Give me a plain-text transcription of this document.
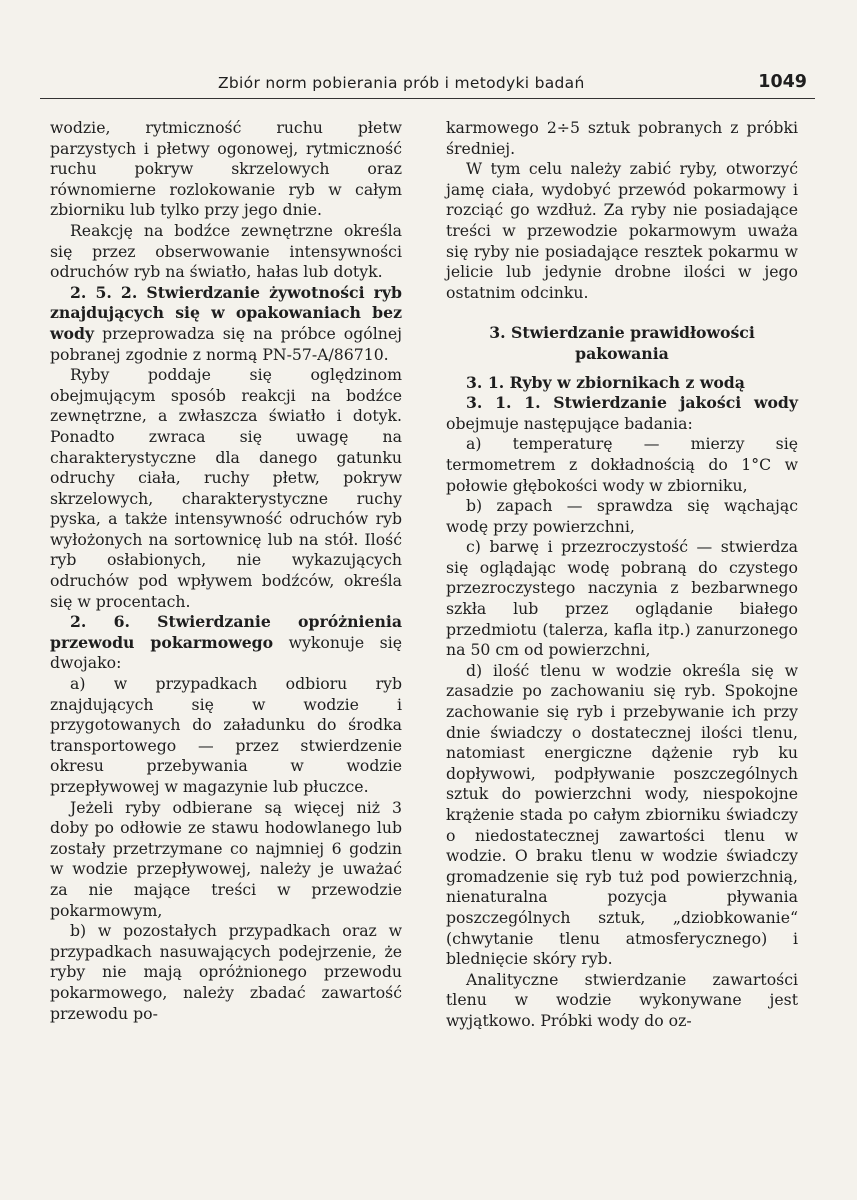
Zbiór norm pobierania prób i metodyki badań	1049

wodzie, rytmiczność ruchu płetw parzystych i płetwy ogonowej, rytmiczność ruchu pokryw skrzelowych oraz równomierne rozlokowanie ryb w całym zbiorniku lub tylko przy jego dnie.

Reakcję na bodźce zewnętrzne określa się przez obserwowanie intensywności odruchów ryb na światło, hałas lub dotyk.

2. 5. 2. Stwierdzanie żywotności ryb znajdujących się w opakowaniach bez wody przeprowadza się na próbce ogólnej pobranej zgodnie z normą PN-57-A/86710.

Ryby poddaje się oględzinom obejmującym sposób reakcji na bodźce zewnętrzne, a zwłaszcza światło i dotyk. Ponadto zwraca się uwagę na charakterystyczne dla danego gatunku odruchy ciała, ruchy płetw, pokryw skrzelowych, charakterystyczne ruchy pyska, a także intensywność odruchów ryb wyłożonych na sortownicę lub na stół. Ilość ryb osłabionych, nie wykazujących odruchów pod wpływem bodźców, określa się w procentach.

2. 6. Stwierdzanie opróżnienia przewodu pokarmowego wykonuje się dwojako:

a) w przypadkach odbioru ryb znajdujących się w wodzie i przygotowanych do załadunku do środka transportowego — przez stwierdzenie okresu przebywania w wodzie przepływowej w magazynie lub płuczce.

Jeżeli ryby odbierane są więcej niż 3 doby po odłowie ze stawu hodowlanego lub zostały przetrzymane co najmniej 6 godzin w wodzie przepływowej, należy je uważać za nie mające treści w przewodzie pokarmowym,

b) w pozostałych przypadkach oraz w przypadkach nasuwających podejrzenie, że ryby nie mają opróżnionego przewodu pokarmowego, należy zbadać zawartość przewodu po-

karmowego 2÷5 sztuk pobranych z próbki średniej.

W tym celu należy zabić ryby, otworzyć jamę ciała, wydobyć przewód pokarmowy i rozciąć go wzdłuż. Za ryby nie posiadające treści w przewodzie pokarmowym uważa się ryby nie posiadające resztek pokarmu w jelicie lub jedynie drobne ilości w jego ostatnim odcinku.

3. Stwierdzanie prawidłowości pakowania

3. 1. Ryby w zbiornikach z wodą

3. 1. 1. Stwierdzanie jakości wody obejmuje następujące badania:

a) temperaturę — mierzy się termometrem z dokładnością do 1°C w połowie głębokości wody w zbiorniku,

b) zapach — sprawdza się wąchając wodę przy powierzchni,

c) barwę i przezroczystość — stwierdza się oglądając wodę pobraną do czystego przezroczystego naczynia z bezbarwnego szkła lub przez oglądanie białego przedmiotu (talerza, kafla itp.) zanurzonego na 50 cm od powierzchni,

d) ilość tlenu w wodzie określa się w zasadzie po zachowaniu się ryb. Spokojne zachowanie się ryb i przebywanie ich przy dnie świadczy o dostatecznej ilości tlenu, natomiast energiczne dążenie ryb ku dopływowi, podpływanie poszczególnych sztuk do powierzchni wody, niespokojne krążenie stada po całym zbiorniku świadczy o niedostatecznej zawartości tlenu w wodzie. O braku tlenu w wodzie świadczy gromadzenie się ryb tuż pod powierzchnią, nienaturalna pozycja pływania poszczególnych sztuk, „dziobkowanie“ (chwytanie tlenu atmosferycznego) i blednięcie skóry ryb.

Analityczne stwierdzanie zawartości tlenu w wodzie wykonywane jest wyjątkowo. Próbki wody do oz-
